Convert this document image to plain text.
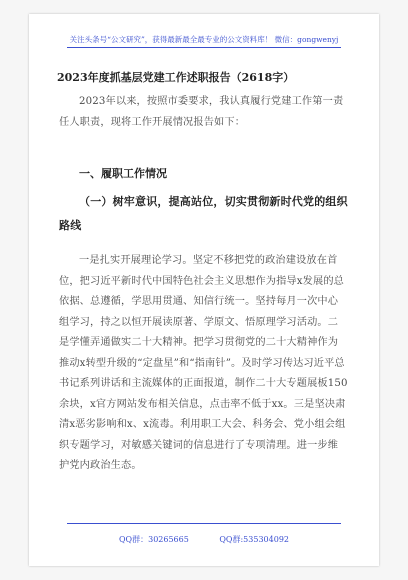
关注头条号“公文研究”，获得最新最全最专业的公文资料库！ 微信：gongwenyj
2023年度抓基层党建工作述职报告（2618字）
2023年以来，按照市委要求，我认真履行党建工作第一责任人职责，现将工作开展情况报告如下：
一、履职工作情况
（一）树牢意识，提高站位，切实贯彻新时代党的组织路线
一是扎实开展理论学习。坚定不移把党的政治建设放在首位，把习近平新时代中国特色社会主义思想作为指导x发展的总依据、总遵循，学思用贯通、知信行统一。坚持每月一次中心组学习，持之以恒开展读原著、学原文、悟原理学习活动。二是学懂弄通做实二十大精神。把学习贯彻党的二十大精神作为推动x转型升级的“定盘星”和“指南针”。及时学习传达习近平总书记系列讲话和主流媒体的正面报道，制作二十大专题展板150余块，x官方网站发布相关信息，点击率不低于xx。三是坚决肃清x恶劣影响和x、x流毒。利用职工大会、科务会、党小组会组织专题学习，对敏感关键词的信息进行了专项清理。进一步维护党内政治生态。
QQ群：30265665	QQ群:535304092
